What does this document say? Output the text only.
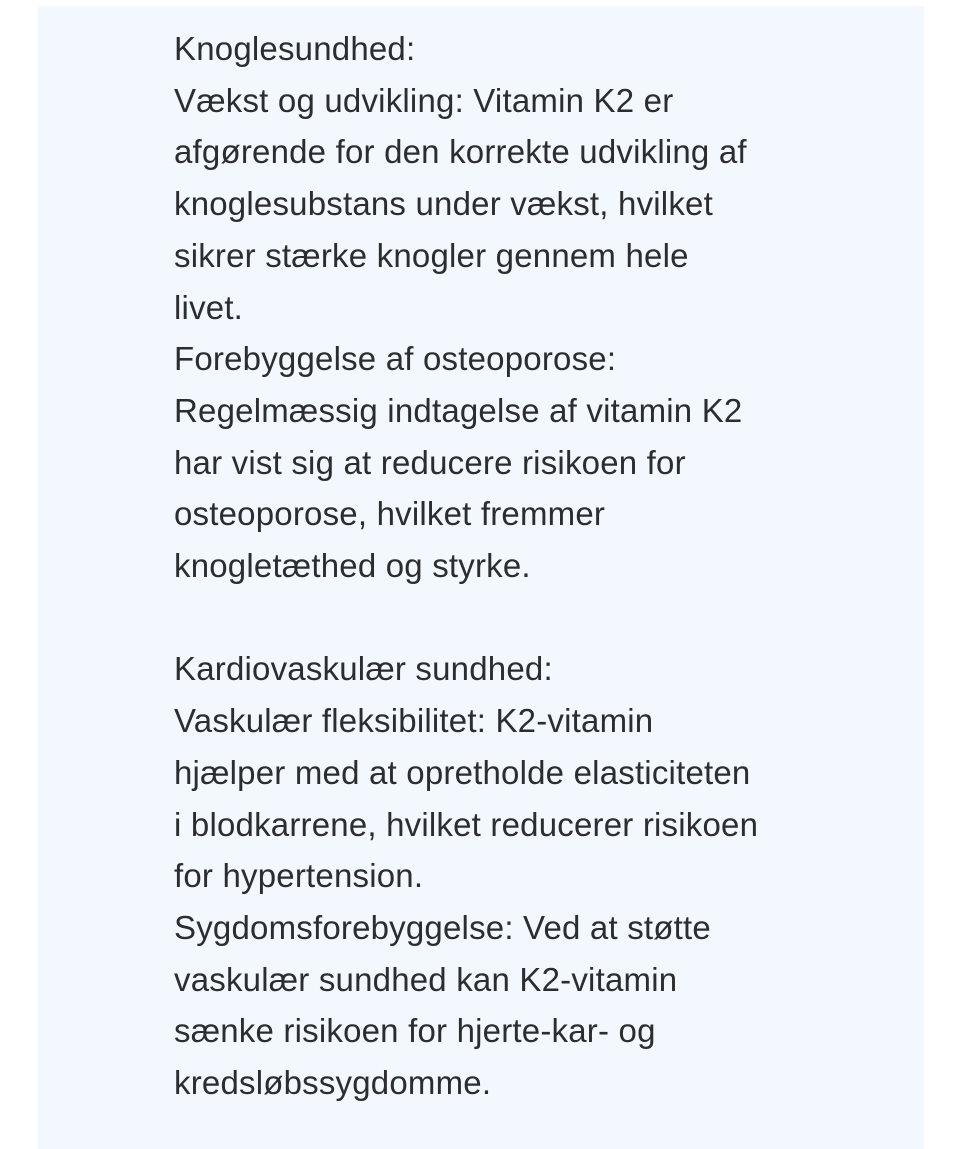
Knoglesundhed:
Vækst og udvikling: Vitamin K2 er
afgørende for den korrekte udvikling af
knoglesubstans under vækst, hvilket
sikrer stærke knogler gennem hele
livet.
Forebyggelse af osteoporose:
Regelmæssig indtagelse af vitamin K2
har vist sig at reducere risikoen for
osteoporose, hvilket fremmer
knogletæthed og styrke.
Kardiovaskulær sundhed:
Vaskulær fleksibilitet: K2-vitamin
hjælper med at opretholde elasticiteten
i blodkarrene, hvilket reducerer risikoen
for hypertension.
Sygdomsforebyggelse: Ved at støtte
vaskulær sundhed kan K2-vitamin
sænke risikoen for hjerte-kar- og
kredsløbssygdomme.
